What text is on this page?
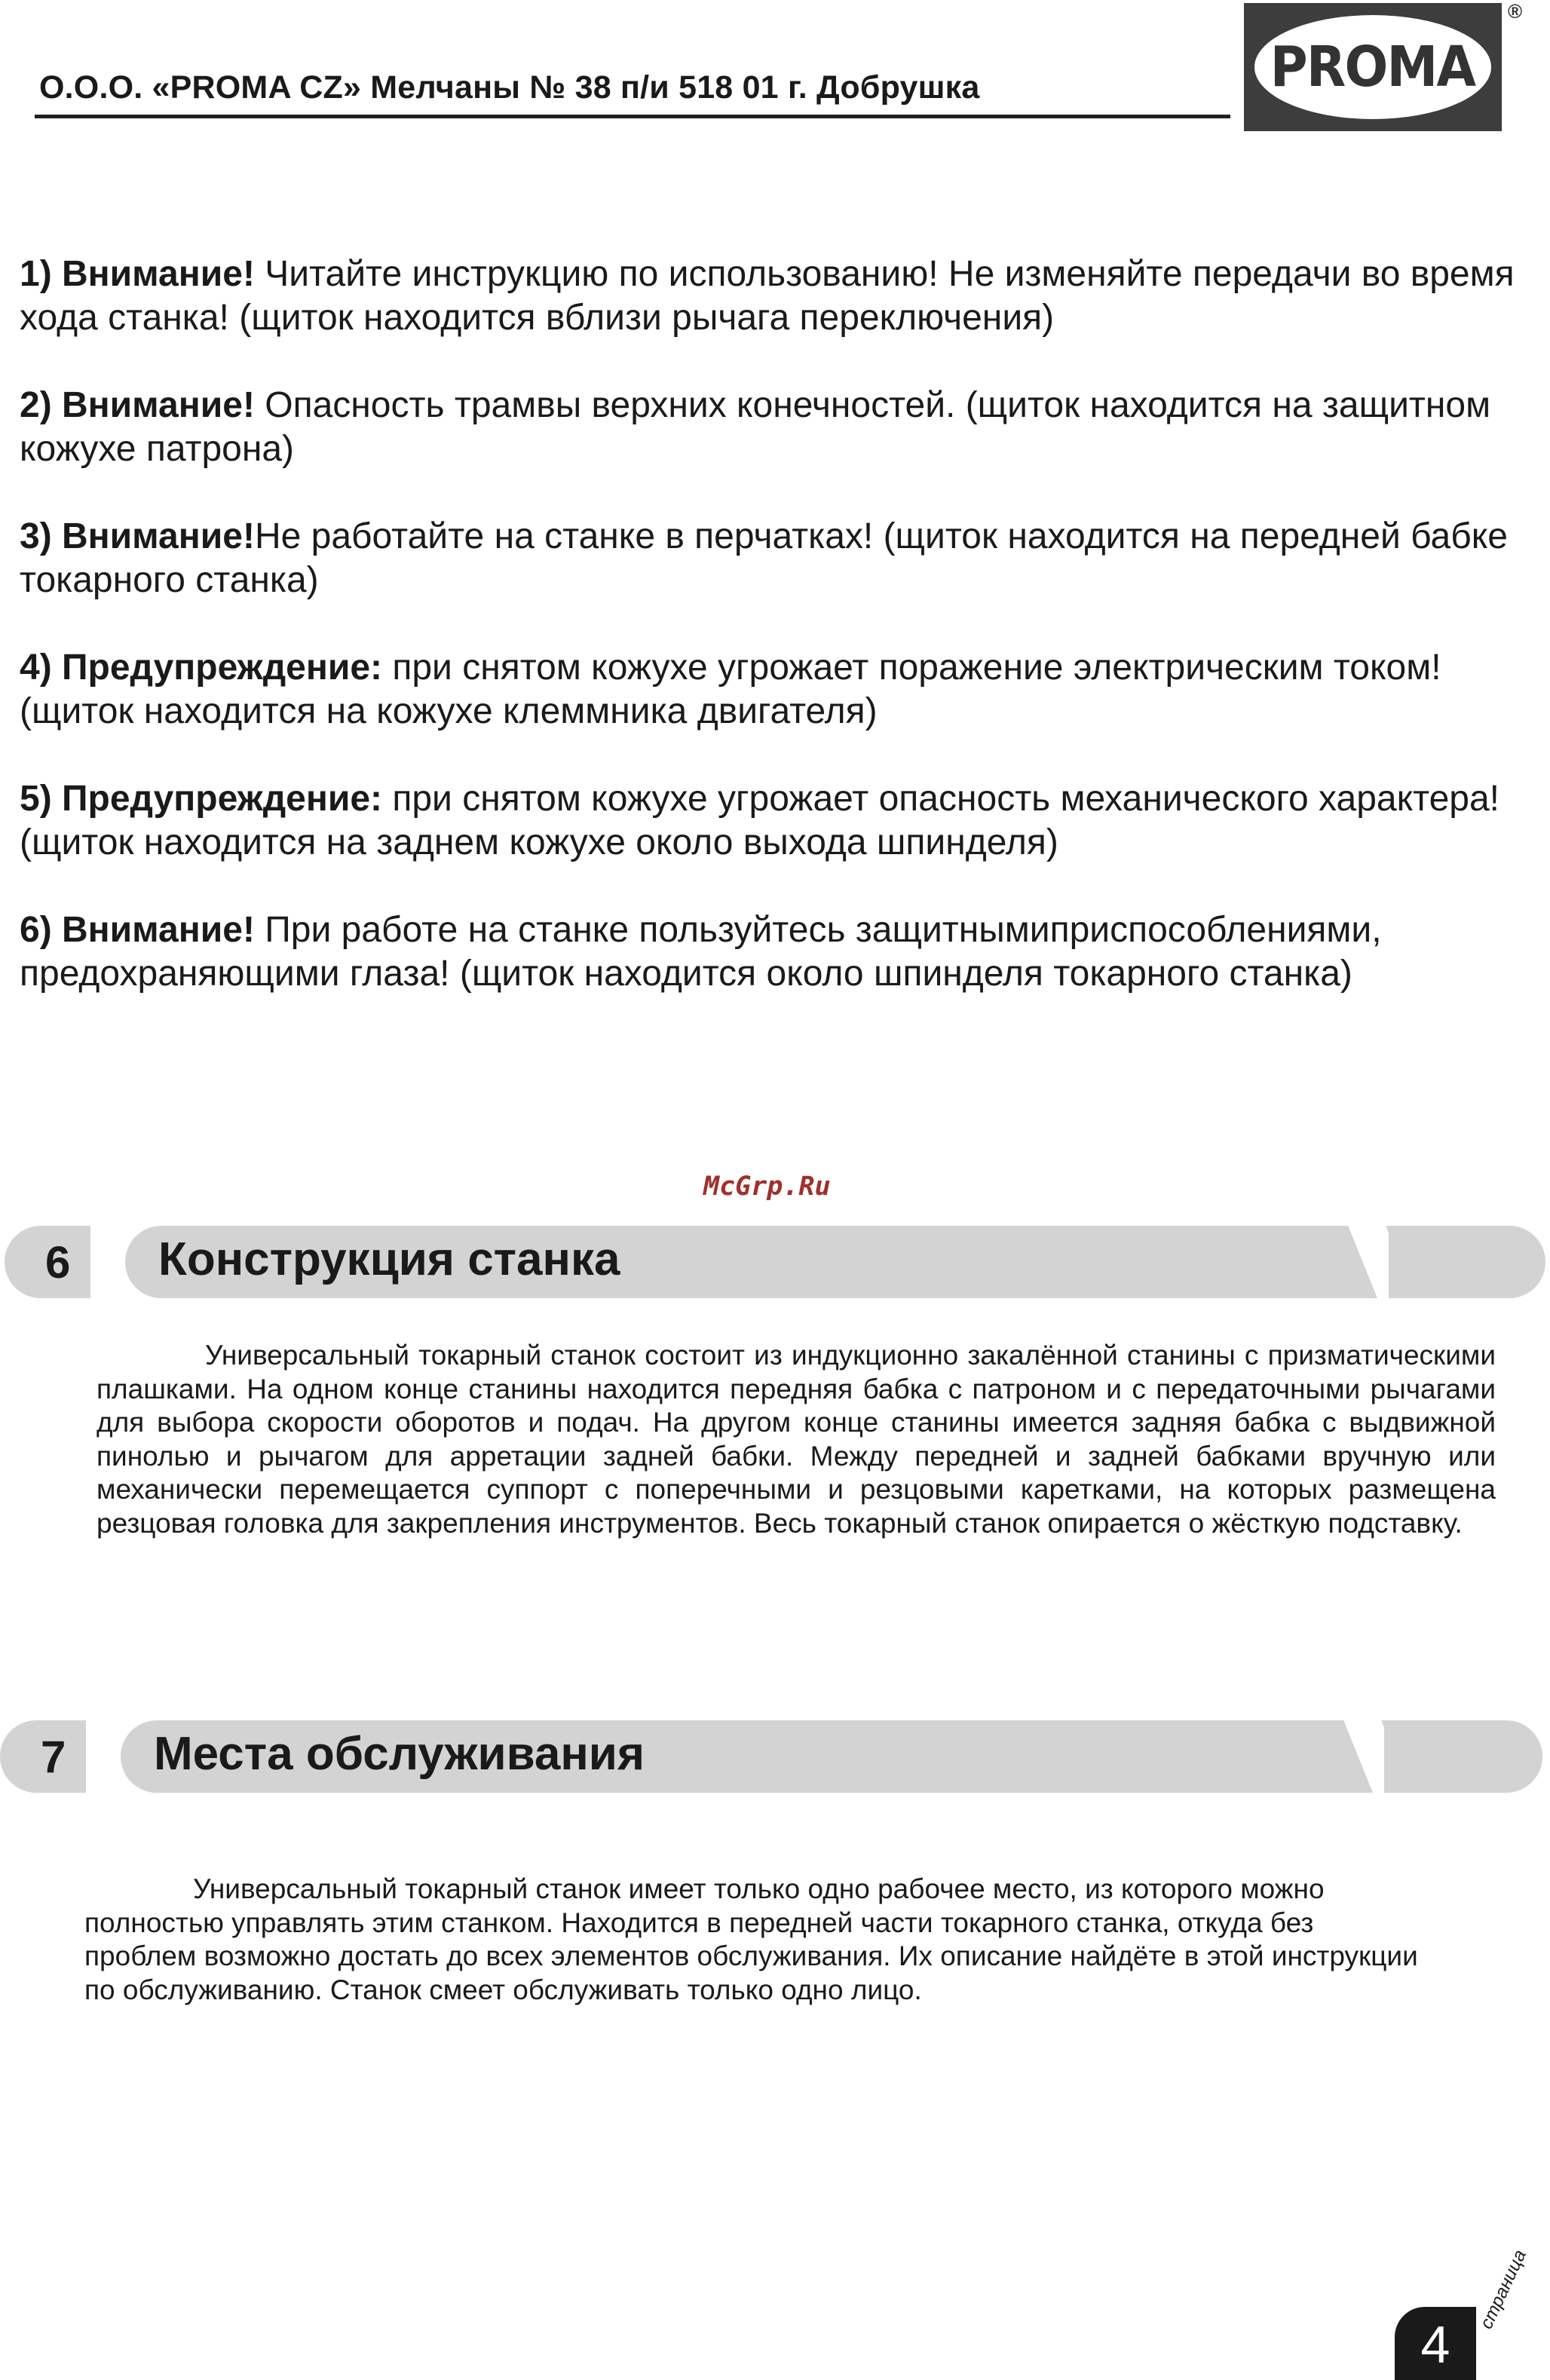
О.О.О. «PROMA CZ» Мелчаны № 38 п/и 518 01 г. Добрушка	PROMA
®
1) Внимание! Читайте инструкцию по использованию! Не изменяйте передачи во время хода станка! (щиток находится вблизи рычага переключения)
2) Внимание! Опасность трамвы верхних конечностей. (щиток находится на защитном кожухе патрона)
3) Внимание!Не работайте на станке в перчатках! (щиток находится на передней бабке токарного станка)
4) Предупреждение: при снятом кожухе угрожает поражение электрическим током! (щиток находится на кожухе клеммника двигателя)
5) Предупреждение: при снятом кожухе угрожает опасность механического характера! (щиток находится на заднем кожухе около выхода шпинделя)
6) Внимание! При работе на станке пользуйтесь защитнымиприспособлениями, предохраняющими глаза! (щиток находится около шпинделя токарного станка)
McGrp.Ru
6 Конструкция станка
Универсальный токарный станок состоит из индукционно закалённой станины с призматическими плашками. На одном конце станины находится передняя бабка с патроном и с передаточными рычагами для выбора скорости оборотов и подач. На другом конце станины имеется задняя бабка с выдвижной пинолью и рычагом для арретации задней бабки. Между передней и задней бабками вручную или механически перемещается суппорт с поперечными и резцовыми каретками, на которых размещена резцовая головка для закрепления инструментов. Весь токарный станок опирается о жёсткую подставку.
7 Места обслуживания
Универсальный токарный станок имеет только одно рабочее место, из которого можно полностью управлять этим станком. Находится в передней части токарного станка, откуда без проблем возможно достать до всех элементов обслуживания. Их описание найдёте в этой инструкции по обслуживанию. Станок смеет обслуживать только одно лицо.
4
страница
